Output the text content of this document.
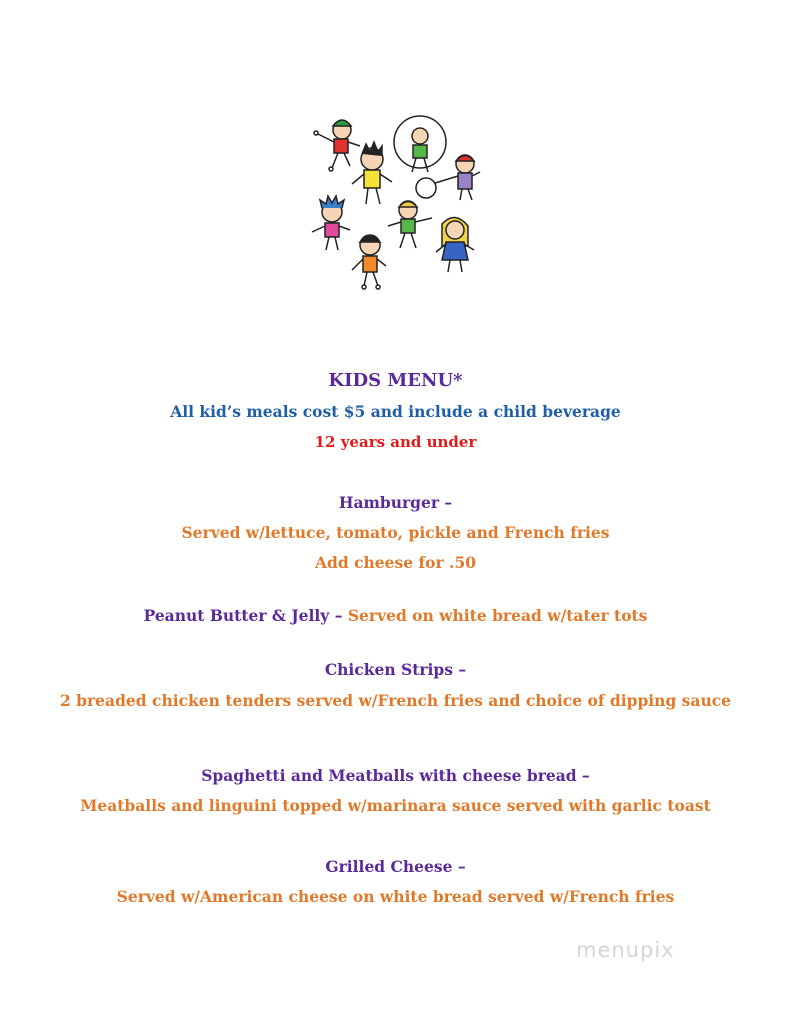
KIDS MENU*
All kid’s meals cost $5 and include a child beverage
12 years and under
Hamburger –
Served w/lettuce, tomato, pickle and French fries
Add cheese for .50
Peanut Butter & Jelly – Served on white bread w/tater tots
Chicken Strips –
2 breaded chicken tenders served w/French fries and choice of dipping sauce
Spaghetti and Meatballs with cheese bread –
Meatballs and linguini topped w/marinara sauce served with garlic toast
Grilled Cheese –
Served w/American cheese on white bread served w/French fries
menupix
